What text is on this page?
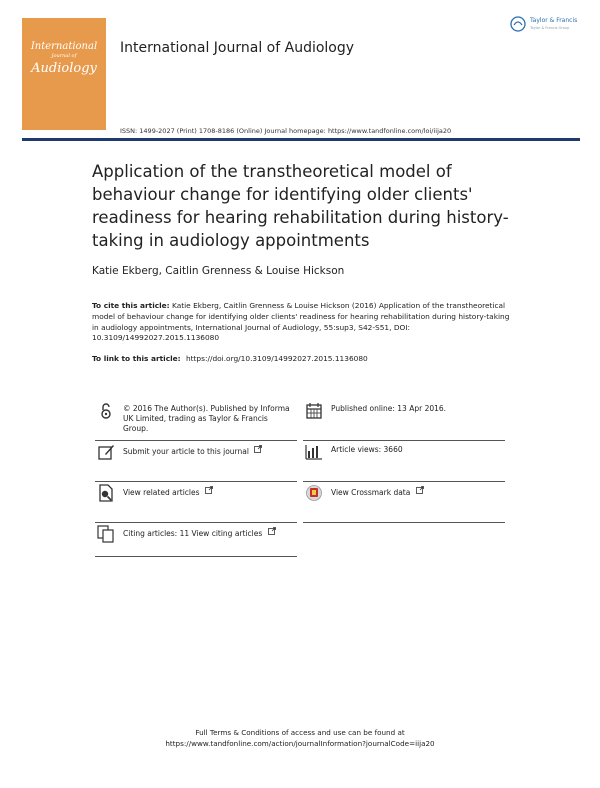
International
Journal of
Audiology
International Journal of Audiology
Taylor & Francis
Taylor & Francis Group
ISSN: 1499-2027 (Print) 1708-8186 (Online) Journal homepage: https://www.tandfonline.com/loi/iija20
Application of the transtheoretical model of behaviour change for identifying older clients' readiness for hearing rehabilitation during history-taking in audiology appointments
Katie Ekberg, Caitlin Grenness & Louise Hickson
To cite this article: Katie Ekberg, Caitlin Grenness & Louise Hickson (2016) Application of the transtheoretical model of behaviour change for identifying older clients' readiness for hearing rehabilitation during history-taking in audiology appointments, International Journal of Audiology, 55:sup3, S42-S51, DOI: 10.3109/14992027.2015.1136080
To link to this article: https://doi.org/10.3109/14992027.2015.1136080
© 2016 The Author(s). Published by Informa UK Limited, trading as Taylor & Francis Group.
Published online: 13 Apr 2016.
Submit your article to this journal	Article views: 3660
View related articles	View Crossmark data
Citing articles: 11 View citing articles
Full Terms & Conditions of access and use can be found at
https://www.tandfonline.com/action/journalInformation?journalCode=iija20
